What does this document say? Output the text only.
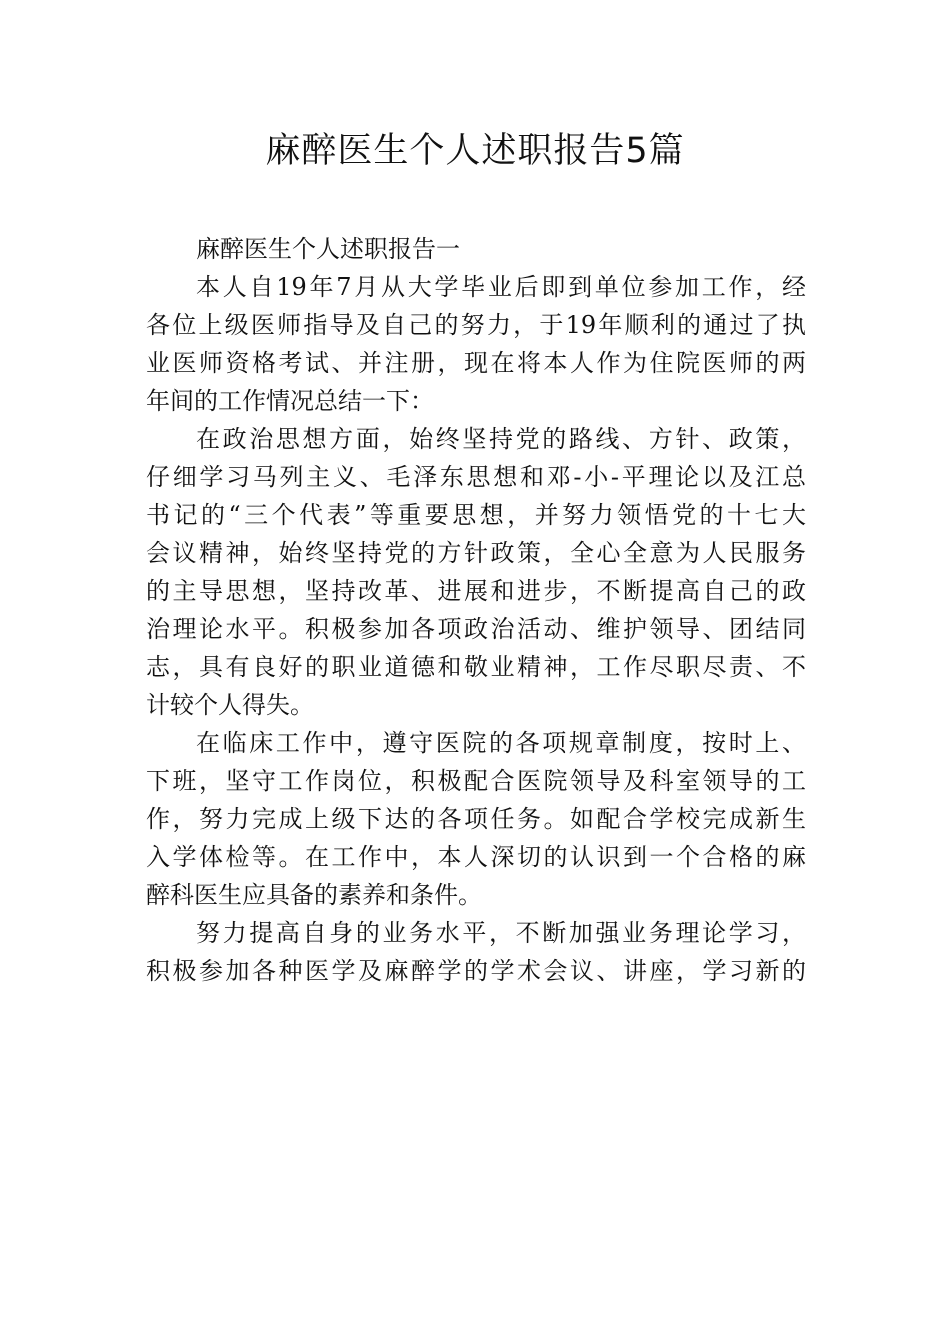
麻醉医生个人述职报告5篇
麻醉医生个人述职报告一
本人自19年7月从大学毕业后即到单位参加工作，经
各位上级医师指导及自己的努力，于19年顺利的通过了执
业医师资格考试、并注册，现在将本人作为住院医师的两
年间的工作情况总结一下：
在政治思想方面，始终坚持党的路线、方针、政策，
仔细学习马列主义、毛泽东思想和邓-小-平理论以及江总
书记的“三个代表”等重要思想，并努力领悟党的十七大
会议精神，始终坚持党的方针政策，全心全意为人民服务
的主导思想，坚持改革、进展和进步，不断提高自己的政
治理论水平。积极参加各项政治活动、维护领导、团结同
志，具有良好的职业道德和敬业精神，工作尽职尽责、不
计较个人得失。
在临床工作中，遵守医院的各项规章制度，按时上、
下班，坚守工作岗位，积极配合医院领导及科室领导的工
作，努力完成上级下达的各项任务。如配合学校完成新生
入学体检等。在工作中，本人深切的认识到一个合格的麻
醉科医生应具备的素养和条件。
努力提高自身的业务水平，不断加强业务理论学习，
积极参加各种医学及麻醉学的学术会议、讲座，学习新的
